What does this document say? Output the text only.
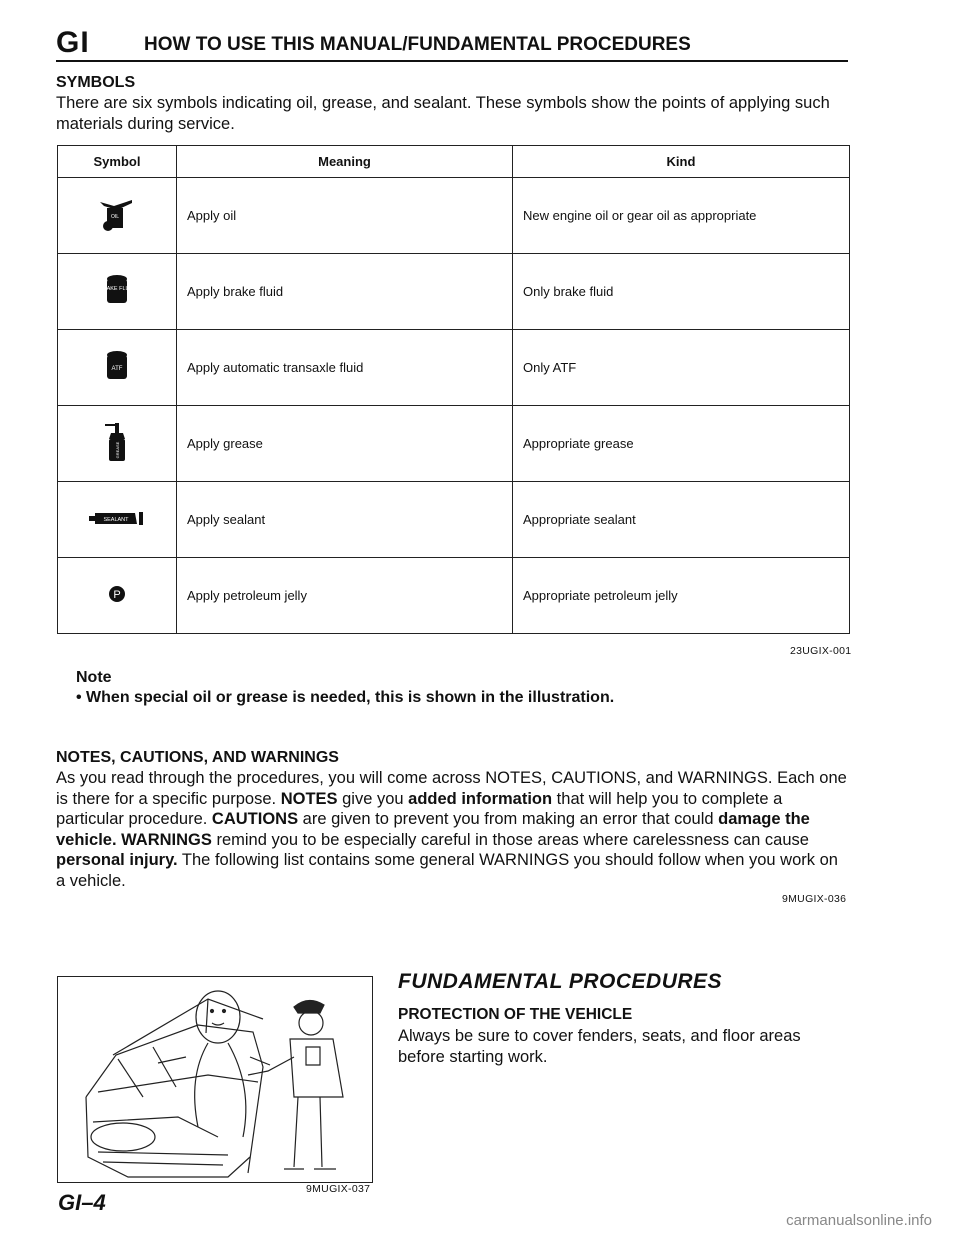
GI	HOW TO USE THIS MANUAL/FUNDAMENTAL PROCEDURES
SYMBOLS
There are six symbols indicating oil, grease, and sealant. These symbols show the points of applying such materials during service.
Symbol	Meaning	Kind

OIL	Apply oil	New engine oil or gear oil as appropriate

BRAKE FLUID	Apply brake fluid	Only brake fluid

ATF	Apply automatic transaxle fluid	Only ATF

GREASE	Apply grease	Appropriate grease

SEALANT	Apply sealant	Appropriate sealant

P	Apply petroleum jelly	Appropriate petroleum jelly
23UGIX-001
Note
• When special oil or grease is needed, this is shown in the illustration.
NOTES, CAUTIONS, AND WARNINGS
As you read through the procedures, you will come across NOTES, CAUTIONS, and WARNINGS. Each one is there for a specific purpose. NOTES give you added information that will help you to complete a particular procedure. CAUTIONS are given to prevent you from making an error that could damage the vehicle. WARNINGS remind you to be especially careful in those areas where carelessness can cause personal injury. The following list contains some general WARNINGS you should follow when you work on a vehicle.
9MUGIX-036
9MUGIX-037
FUNDAMENTAL PROCEDURES
PROTECTION OF THE VEHICLE
Always be sure to cover fenders, seats, and floor areas before starting work.
GI–4
carmanualsonline.info
